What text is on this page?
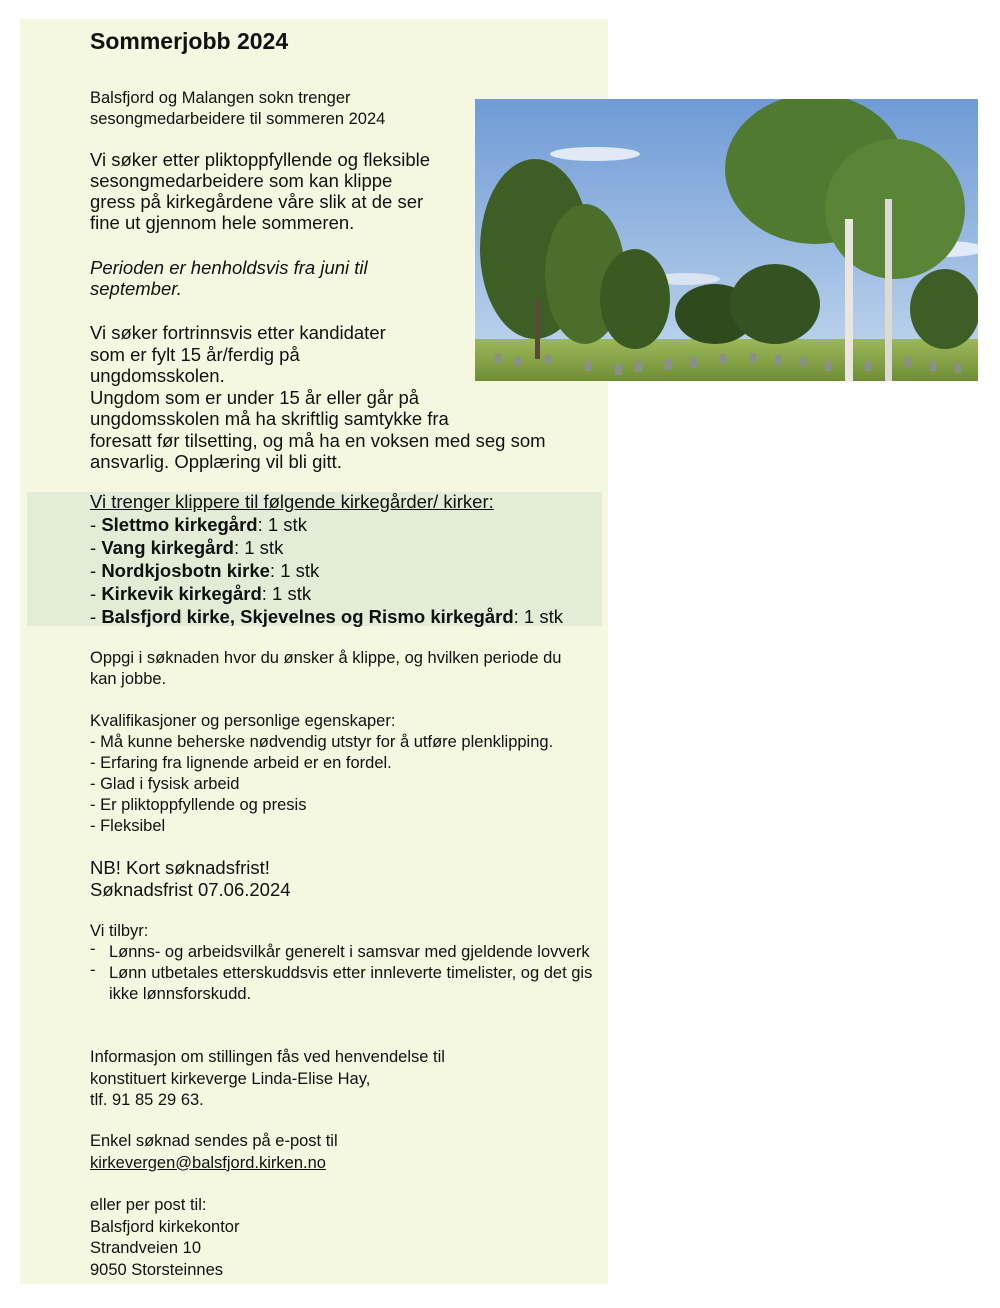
Sommerjobb 2024
Balsfjord og Malangen sokn trenger
sesongmedarbeidere til sommeren 2024
Vi søker etter pliktoppfyllende og fleksible
sesongmedarbeidere som kan klippe
gress på kirkegårdene våre slik at de ser
fine ut gjennom hele sommeren.
Perioden er henholdsvis fra juni til
september.
Vi søker fortrinnsvis etter kandidater
som er fylt 15 år/ferdig på
ungdomsskolen.
Ungdom som er under 15 år eller går på
ungdomsskolen må ha skriftlig samtykke fra
foresatt før tilsetting, og må ha en voksen med seg som
ansvarlig. Opplæring vil bli gitt.
Vi trenger klippere til følgende kirkegårder/ kirker:
- Slettmo kirkegård: 1 stk
- Vang kirkegård: 1 stk
- Nordkjosbotn kirke: 1 stk
- Kirkevik kirkegård: 1 stk
- Balsfjord kirke, Skjevelnes og Rismo kirkegård: 1 stk
Oppgi i søknaden hvor du ønsker å klippe, og hvilken periode du
kan jobbe.
Kvalifikasjoner og personlige egenskaper:
- Må kunne beherske nødvendig utstyr for å utføre plenklipping.
- Erfaring fra lignende arbeid er en fordel.
- Glad i fysisk arbeid
- Er pliktoppfyllende og presis
- Fleksibel
NB! Kort søknadsfrist!
Søknadsfrist 07.06.2024
Vi tilbyr:
- Lønns- og arbeidsvilkår generelt i samsvar med gjeldende lovverk
- Lønn utbetales etterskuddsvis etter innleverte timelister, og det gis ikke lønnsforskudd.
Informasjon om stillingen fås ved henvendelse til
konstituert kirkeverge Linda-Elise Hay,
tlf. 91 85 29 63.
Enkel søknad sendes på e-post til
kirkevergen@balsfjord.kirken.no
eller per post til:
Balsfjord kirkekontor
Strandveien 10
9050 Storsteinnes
